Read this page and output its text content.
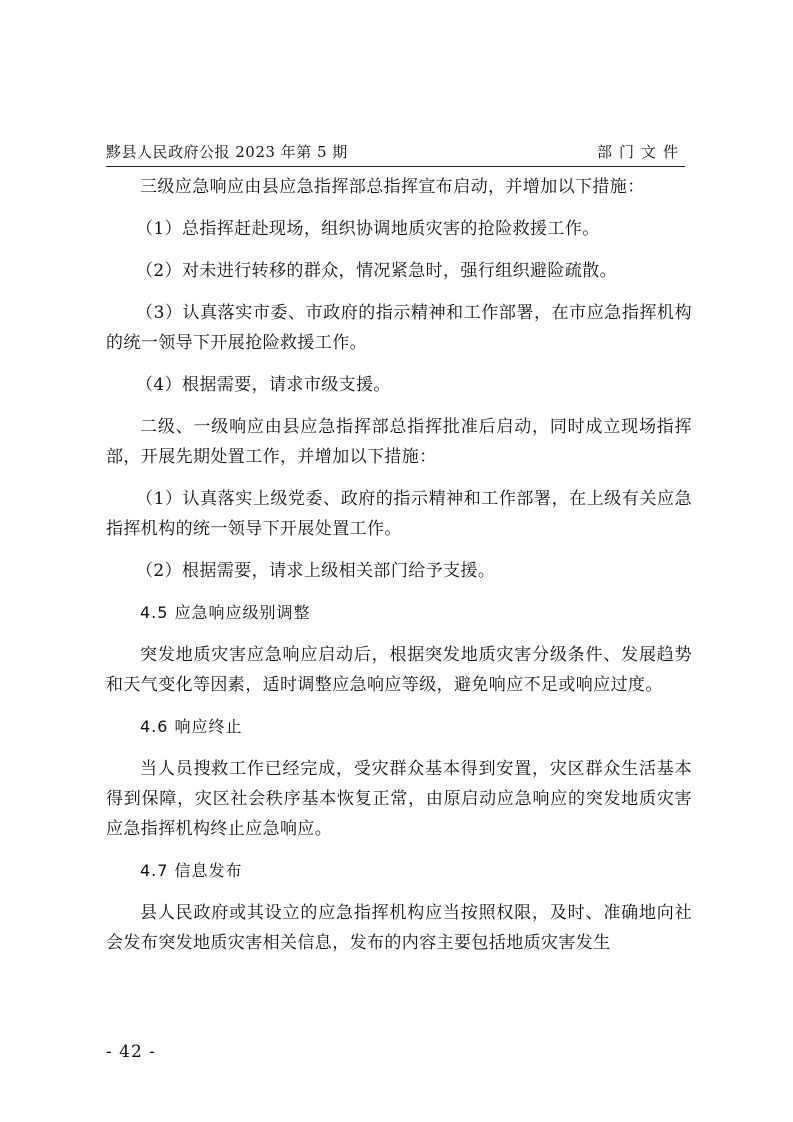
黟县人民政府公报 2023 年第 5 期	部门文件

三级应急响应由县应急指挥部总指挥宣布启动，并增加以下措施：

（1）总指挥赶赴现场，组织协调地质灾害的抢险救援工作。

（2）对未进行转移的群众，情况紧急时，强行组织避险疏散。

（3）认真落实市委、市政府的指示精神和工作部署，在市应急指挥机构的统一领导下开展抢险救援工作。

（4）根据需要，请求市级支援。

二级、一级响应由县应急指挥部总指挥批准后启动，同时成立现场指挥部，开展先期处置工作，并增加以下措施：

（1）认真落实上级党委、政府的指示精神和工作部署，在上级有关应急指挥机构的统一领导下开展处置工作。

（2）根据需要，请求上级相关部门给予支援。

4.5 应急响应级别调整

突发地质灾害应急响应启动后，根据突发地质灾害分级条件、发展趋势和天气变化等因素，适时调整应急响应等级，避免响应不足或响应过度。

4.6 响应终止

当人员搜救工作已经完成，受灾群众基本得到安置，灾区群众生活基本得到保障，灾区社会秩序基本恢复正常，由原启动应急响应的突发地质灾害应急指挥机构终止应急响应。

4.7 信息发布

县人民政府或其设立的应急指挥机构应当按照权限，及时、准确地向社会发布突发地质灾害相关信息，发布的内容主要包括地质灾害发生

- 42 -
